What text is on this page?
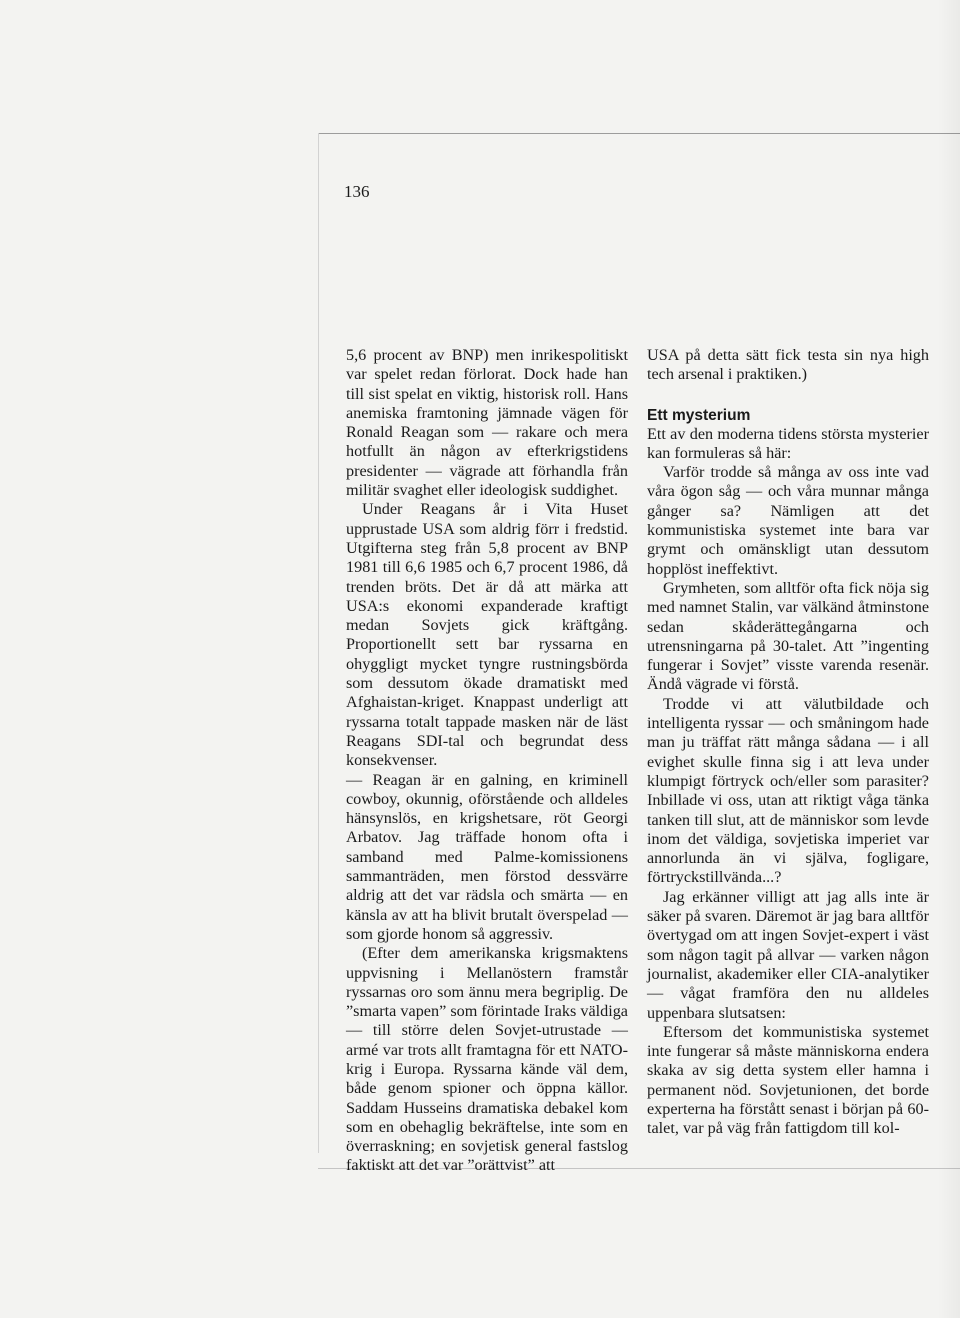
136

5,6 procent av BNP) men inrikespolitiskt var spelet redan förlorat. Dock hade han till sist spelat en viktig, historisk roll. Hans anemiska framtoning jämnade vägen för Ronald Reagan som — rakare och mera hotfullt än någon av efterkrigstidens presidenter — vägrade att förhandla från militär svaghet eller ideologisk suddighet.

Under Reagans år i Vita Huset upprustade USA som aldrig förr i fredstid. Utgifterna steg från 5,8 procent av BNP 1981 till 6,6 1985 och 6,7 procent 1986, då trenden bröts. Det är då att märka att USA:s ekonomi expanderade kraftigt medan Sovjets gick kräftgång. Proportionellt sett bar ryssarna en ohyggligt mycket tyngre rustningsbörda som dessutom ökade dramatiskt med Afghaistan-kriget. Knappast underligt att ryssarna totalt tappade masken när de läst Reagans SDI-tal och begrundat dess konsekvenser.

— Reagan är en galning, en kriminell cowboy, okunnig, oförstående och alldeles hänsynslös, en krigshetsare, röt Georgi Arbatov. Jag träffade honom ofta i samband med Palme-komissionens sammanträden, men förstod dessvärre aldrig att det var rädsla och smärta — en känsla av att ha blivit brutalt överspelad — som gjorde honom så aggressiv.

(Efter dem amerikanska krigsmaktens uppvisning i Mellanöstern framstår ryssarnas oro som ännu mera begriplig. De ”smarta vapen” som förintade Iraks väldiga — till större delen Sovjet-utrustade — armé var trots allt framtagna för ett NATO-krig i Europa. Ryssarna kände väl dem, både genom spioner och öppna källor. Saddam Husseins dramatiska debakel kom som en obehaglig bekräftelse, inte som en överraskning; en sovjetisk general fastslog faktiskt att det var ”orättvist” att

USA på detta sätt fick testa sin nya high tech arsenal i praktiken.)

Ett mysterium

Ett av den moderna tidens största mysterier kan formuleras så här:

Varför trodde så många av oss inte vad våra ögon såg — och våra munnar många gånger sa? Nämligen att det kommunistiska systemet inte bara var grymt och omänskligt utan dessutom hopplöst ineffektivt.

Grymheten, som alltför ofta fick nöja sig med namnet Stalin, var välkänd åtminstone sedan skåderättegångarna och utrensningarna på 30-talet. Att ”ingenting fungerar i Sovjet” visste varenda resenär. Ändå vägrade vi förstå.

Trodde vi att välutbildade och intelligenta ryssar — och småningom hade man ju träffat rätt många sådana — i all evighet skulle finna sig i att leva under klumpigt förtryck och/eller som parasiter? Inbillade vi oss, utan att riktigt våga tänka tanken till slut, att de människor som levde inom det väldiga, sovjetiska imperiet var annorlunda än vi själva, fogligare, förtryckstillvända...?

Jag erkänner villigt att jag alls inte är säker på svaren. Däremot är jag bara alltför övertygad om att ingen Sovjet-expert i väst som någon tagit på allvar — varken någon journalist, akademiker eller CIA-analytiker — vågat framföra den nu alldeles uppenbara slutsatsen:

Eftersom det kommunistiska systemet inte fungerar så måste människorna endera skaka av sig detta system eller hamna i permanent nöd. Sovjetunionen, det borde experterna ha förstått senast i början på 60-talet, var på väg från fattigdom till kol-
